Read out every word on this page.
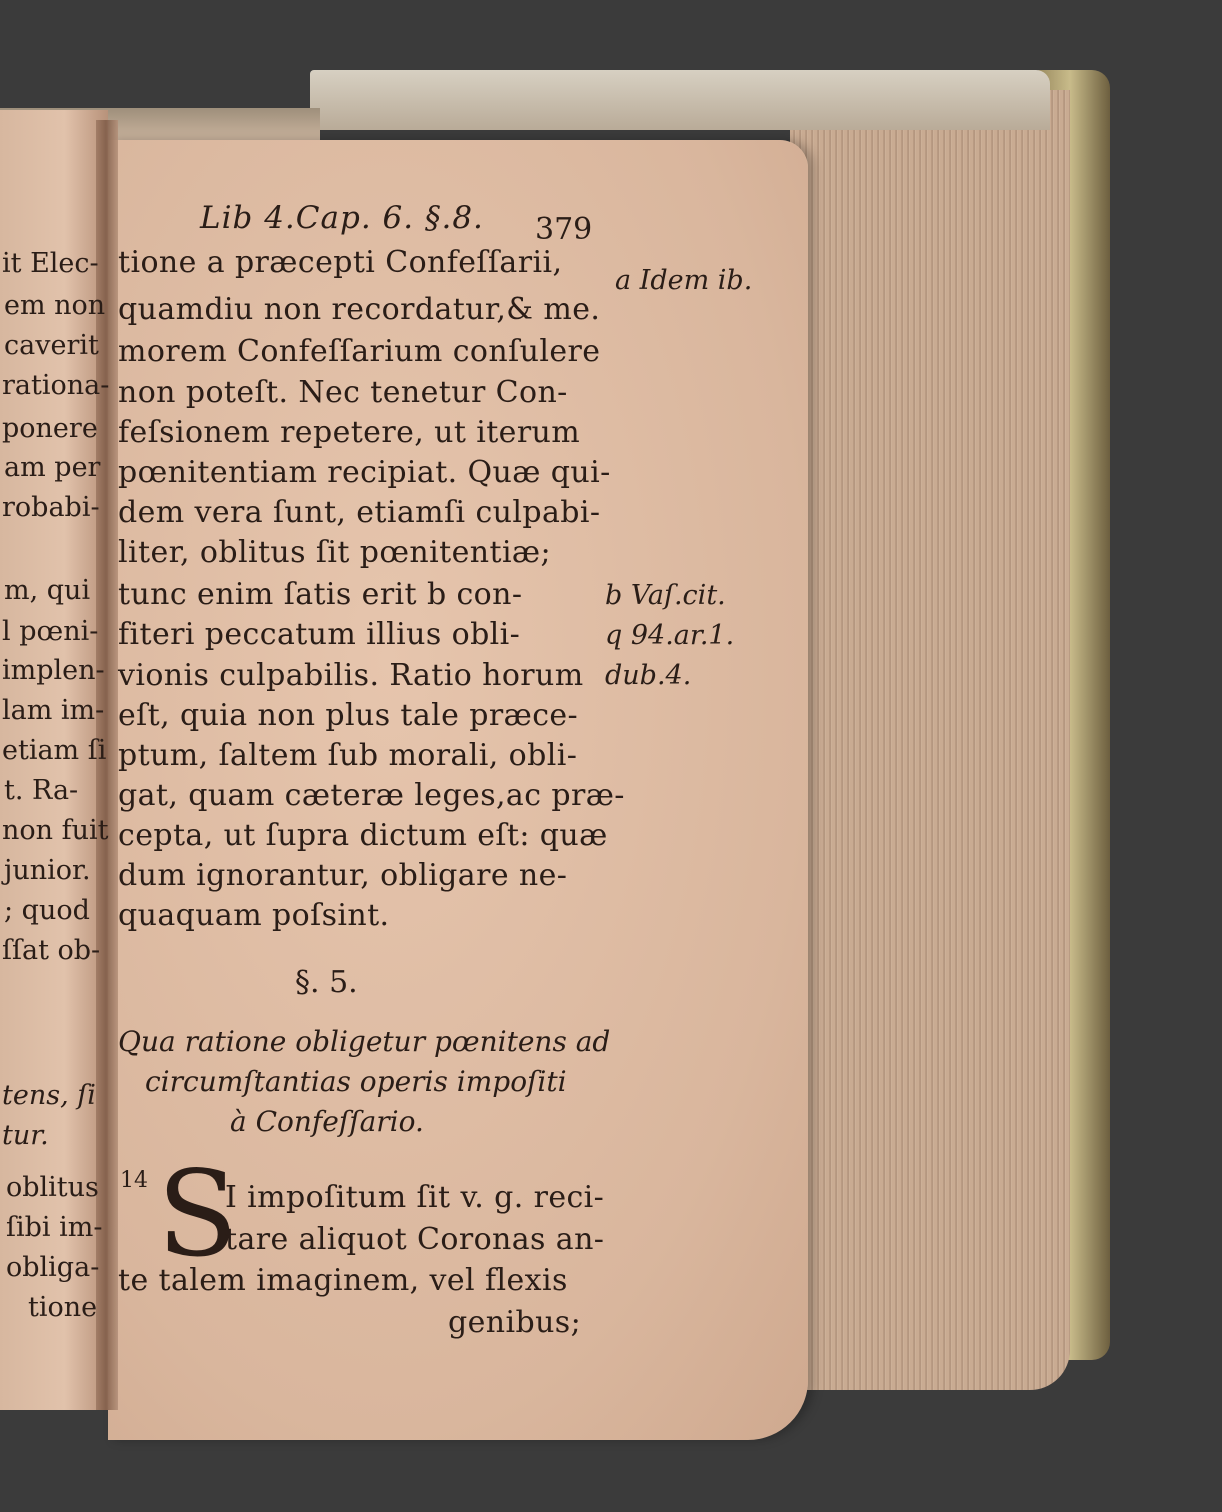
Lib 4.Cap. 6. §.8. 379
tione a præcepti Confeſſarii,
quamdiu non recordatur,& me.
morem Confeſſarium conſulere
non poteſt. Nec tenetur Con-
feſsionem repetere, ut iterum
pœnitentiam recipiat. Quæ qui-
dem vera ſunt, etiamſi culpabi-
liter, oblitus ſit pœnitentiæ;
tunc enim ſatis erit b con-
fiteri peccatum illius obli-
vionis culpabilis. Ratio horum
eſt, quia non plus tale præce-
ptum, ſaltem ſub morali, obli-
gat, quam cæteræ leges,ac præ-
cepta, ut ſupra dictum eſt: quæ
dum ignorantur, obligare ne-
quaquam poſsint.
a Idem ib.
b Vaſ.cit.
q 94.ar.1.
dub.4.
§. 5.
Qua ratione obligetur pœnitens ad
circumſtantias operis impoſiti
à Confeſſario.
14 S
I impoſitum ſit v. g. reci-
tare aliquot Coronas an-
te talem imaginem, vel flexis
genibus;
it Elec-
em non
caverit
rationa-
ponere
am per
robabi-
m, qui
l pœni-
implen-
lam im-
etiam ſi
t. Ra-
non fuit
junior.
; quod
ſſat ob-
tens, ſi
tur.
oblitus
ſibi im-
obliga-
tione
